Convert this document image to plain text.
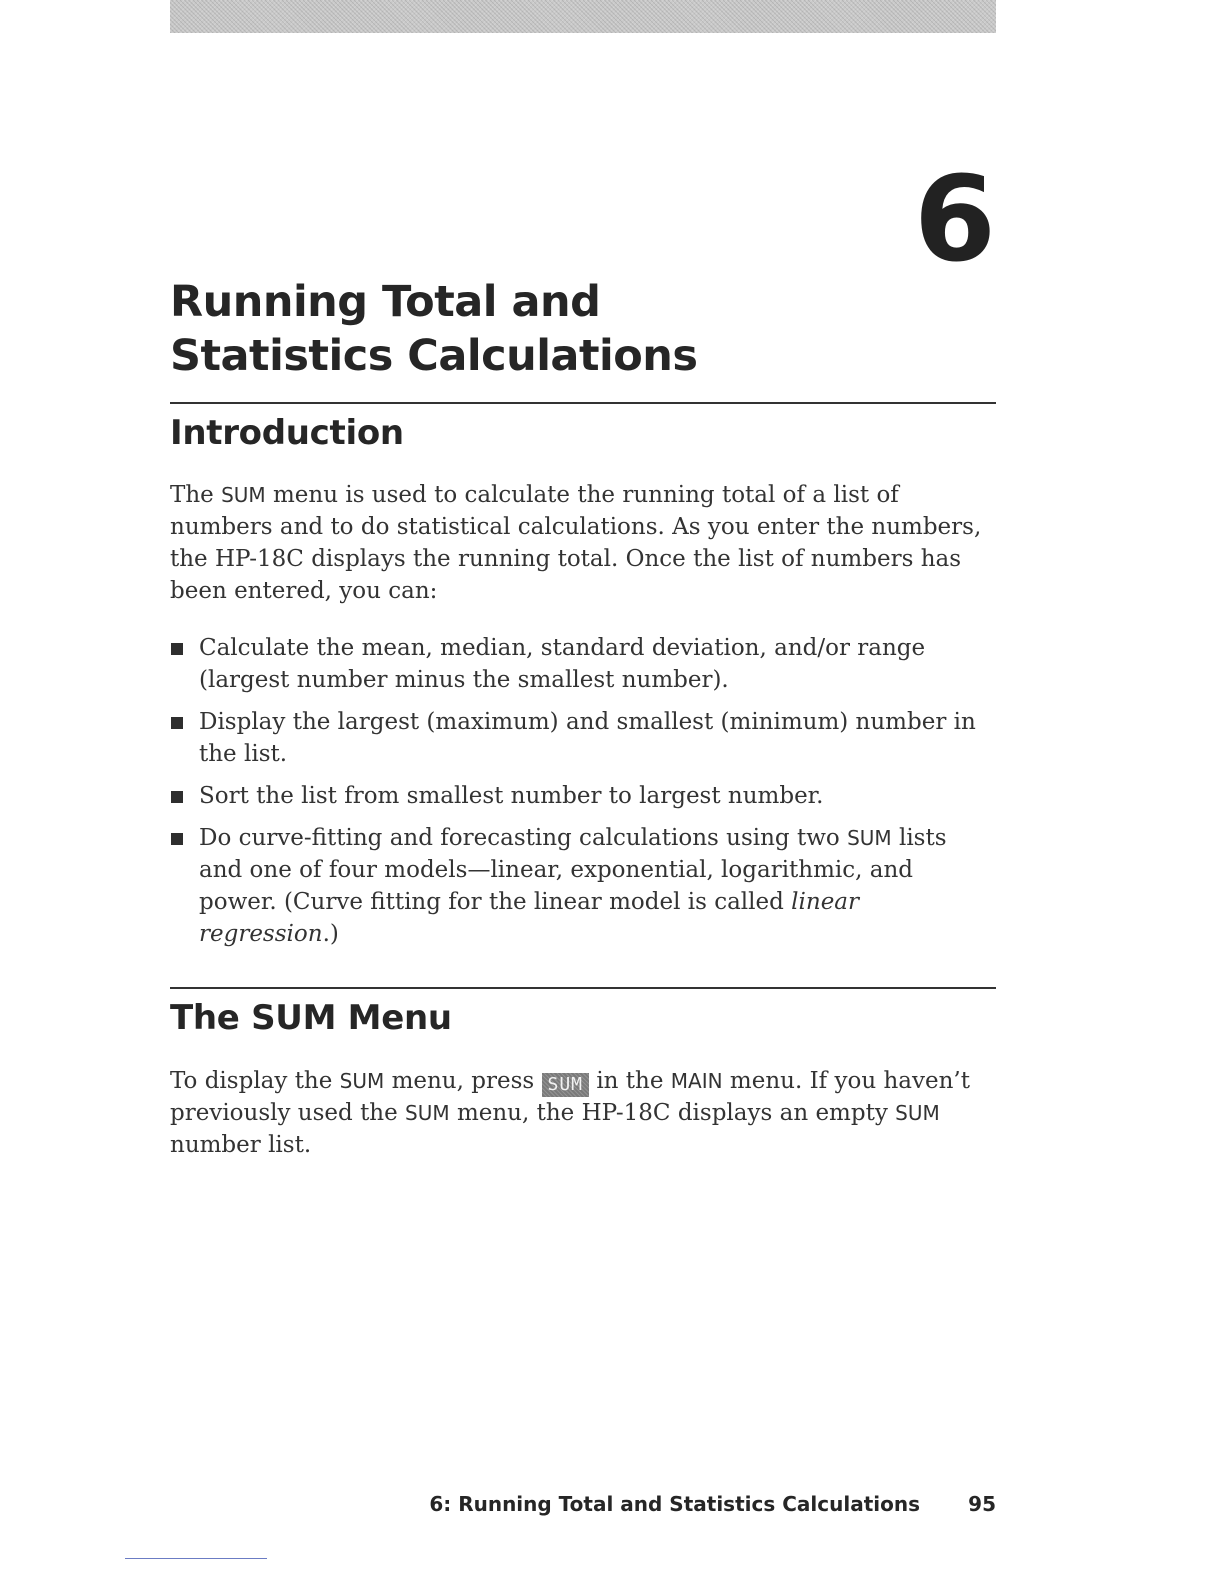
6
Running Total and
Statistics Calculations
Introduction

The SUM menu is used to calculate the running total of a list of numbers and to do statistical calculations. As you enter the numbers, the HP-18C displays the running total. Once the list of numbers has been entered, you can:

Calculate the mean, median, standard deviation, and/or range (largest number minus the smallest number).
Display the largest (maximum) and smallest (minimum) number in the list.
Sort the list from smallest number to largest number.
Do curve-fitting and forecasting calculations using two SUM lists and one of four models—linear, exponential, logarithmic, and power. (Curve fitting for the linear model is called linear regression.)
The SUM Menu

To display the SUM menu, press SUM in the MAIN menu. If you haven’t previously used the SUM menu, the HP-18C displays an empty SUM number list.

6: Running Total and Statistics Calculations 95
